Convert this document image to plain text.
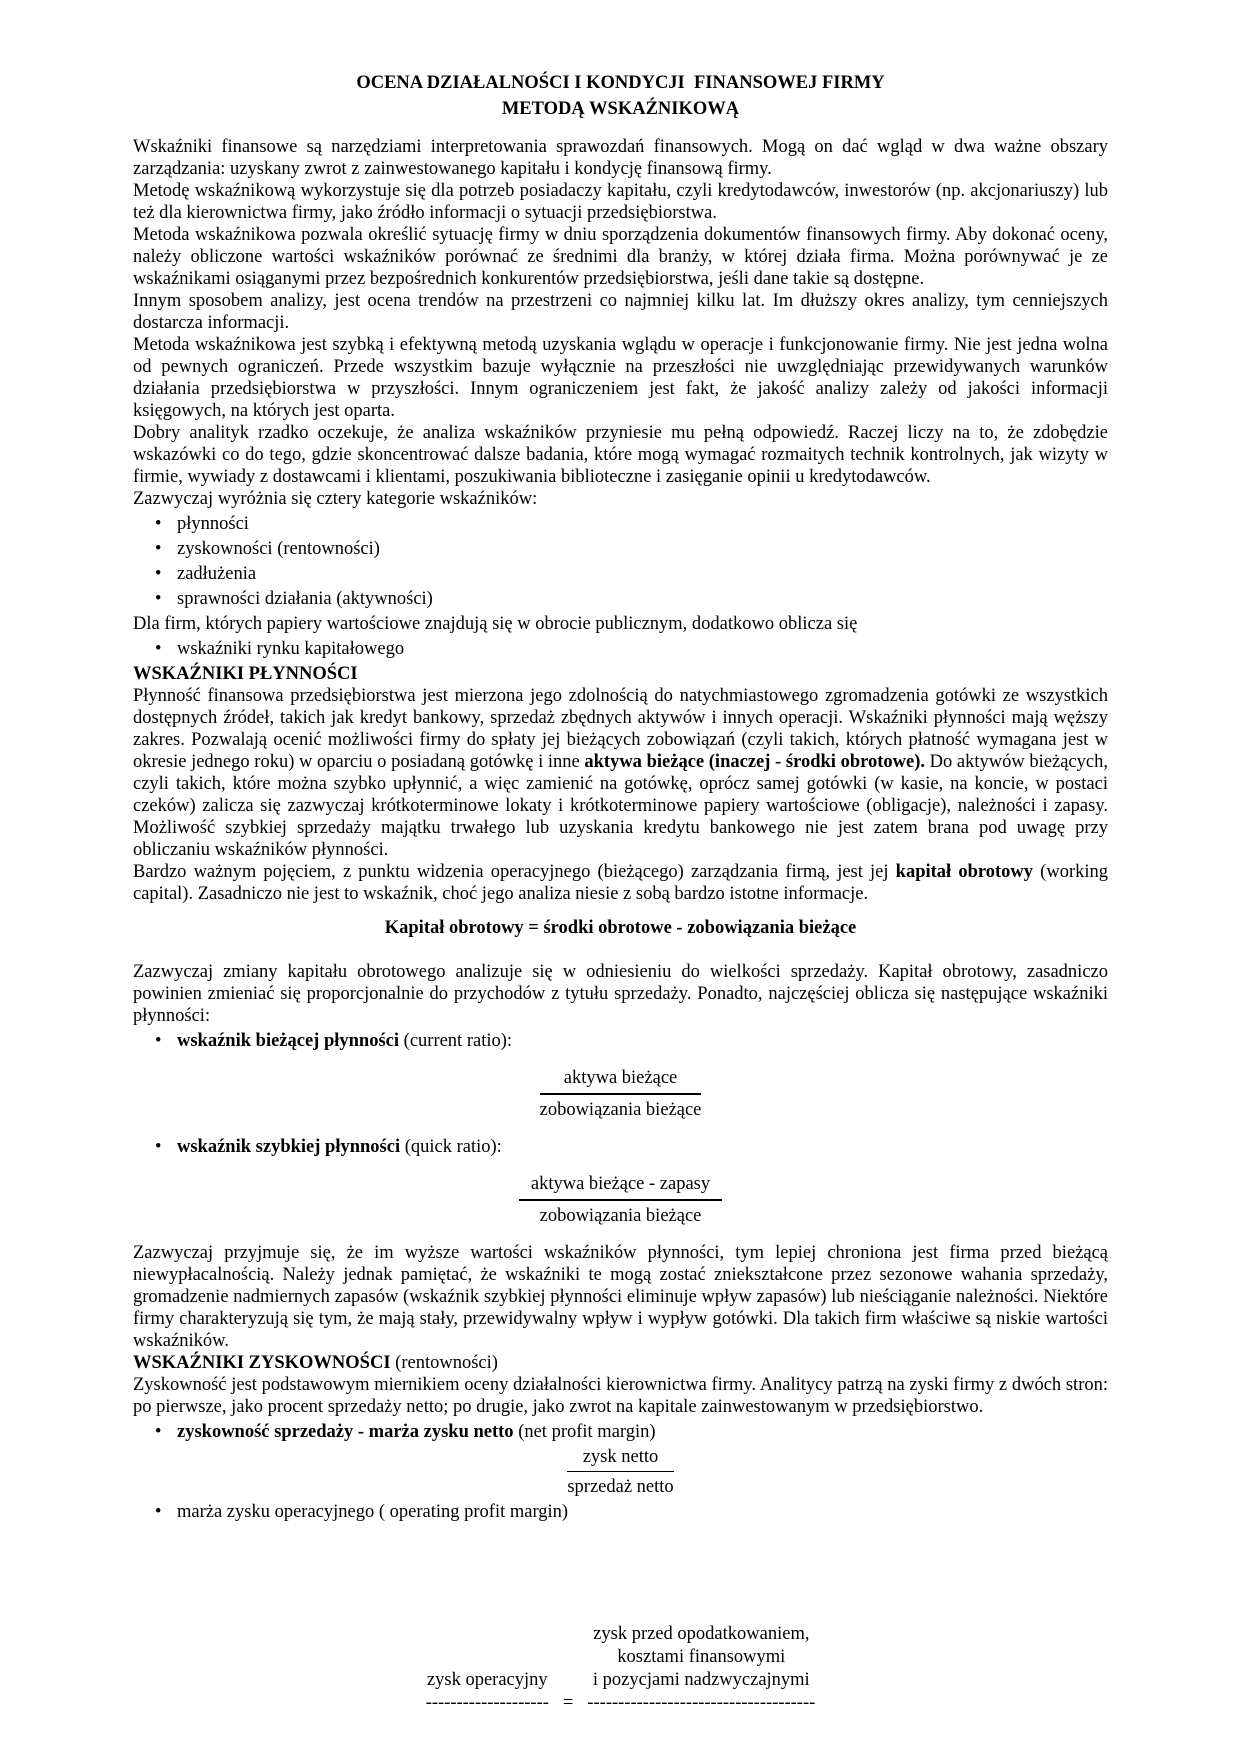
OCENA DZIAŁALNOŚCI I KONDYCJI  FINANSOWEJ FIRMY
METODĄ WSKAŹNIKOWĄ
Wskaźniki finansowe są narzędziami interpretowania sprawozdań finansowych. Mogą on dać wgląd w dwa ważne obszary zarządzania: uzyskany zwrot z zainwestowanego kapitału i kondycję finansową firmy.
Metodę wskaźnikową wykorzystuje się dla potrzeb posiadaczy kapitału, czyli kredytodawców, inwestorów (np. akcjonariuszy) lub też dla kierownictwa firmy, jako źródło informacji o sytuacji przedsiębiorstwa.
Metoda wskaźnikowa pozwala określić sytuację firmy w dniu sporządzenia dokumentów finansowych firmy. Aby dokonać oceny, należy obliczone wartości wskaźników porównać ze średnimi dla branży, w której działa firma. Można porównywać je ze wskaźnikami osiąganymi przez bezpośrednich konkurentów przedsiębiorstwa, jeśli dane takie są dostępne.
Innym sposobem analizy, jest ocena trendów na przestrzeni co najmniej kilku lat. Im dłuższy okres analizy, tym cenniejszych dostarcza informacji.
Metoda wskaźnikowa jest szybką i efektywną metodą uzyskania wglądu w operacje i funkcjonowanie firmy. Nie jest jedna wolna od pewnych ograniczeń. Przede wszystkim bazuje wyłącznie na przeszłości nie uwzględniając przewidywanych warunków działania przedsiębiorstwa w przyszłości. Innym ograniczeniem jest fakt, że jakość analizy zależy od jakości informacji księgowych, na których jest oparta.
Dobry analityk rzadko oczekuje, że analiza wskaźników przyniesie mu pełną odpowiedź. Raczej liczy na to, że zdobędzie wskazówki co do tego, gdzie skoncentrować dalsze badania, które mogą wymagać rozmaitych technik kontrolnych, jak wizyty w firmie, wywiady z dostawcami i klientami, poszukiwania biblioteczne i zasięganie opinii u kredytodawców.
Zazwyczaj wyróżnia się cztery kategorie wskaźników:
• płynności
• zyskowności (rentowności)
• zadłużenia
• sprawności działania (aktywności)
Dla firm, których papiery wartościowe znajdują się w obrocie publicznym, dodatkowo oblicza się
• wskaźniki rynku kapitałowego
WSKAŹNIKI PŁYNNOŚCI
Płynność finansowa przedsiębiorstwa jest mierzona jego zdolnością do natychmiastowego zgromadzenia gotówki ze wszystkich dostępnych źródeł, takich jak kredyt bankowy, sprzedaż zbędnych aktywów i innych operacji. Wskaźniki płynności mają węższy zakres. Pozwalają ocenić możliwości firmy do spłaty jej bieżących zobowiązań (czyli takich, których płatność wymagana jest w okresie jednego roku) w oparciu o posiadaną gotówkę i inne aktywa bieżące (inaczej - środki obrotowe). Do aktywów bieżących, czyli takich, które można szybko upłynnić, a więc zamienić na gotówkę, oprócz samej gotówki (w kasie, na koncie, w postaci czeków) zalicza się zazwyczaj krótkoterminowe lokaty i krótkoterminowe papiery wartościowe (obligacje), należności i zapasy. Możliwość szybkiej sprzedaży majątku trwałego lub uzyskania kredytu bankowego nie jest zatem brana pod uwagę przy obliczaniu wskaźników płynności.
Bardzo ważnym pojęciem, z punktu widzenia operacyjnego (bieżącego) zarządzania firmą, jest jej kapitał obrotowy (working capital). Zasadniczo nie jest to wskaźnik, choć jego analiza niesie z sobą bardzo istotne informacje.
Kapitał obrotowy = środki obrotowe - zobowiązania bieżące
Zazwyczaj zmiany kapitału obrotowego analizuje się w odniesieniu do wielkości sprzedaży. Kapitał obrotowy, zasadniczo powinien zmieniać się proporcjonalnie do przychodów z tytułu sprzedaży. Ponadto, najczęściej oblicza się następujące wskaźniki płynności:
• wskaźnik bieżącej płynności (current ratio):
$\frac{\text{aktywa bieżące}}{\text{zobowiązania bieżące}}$
• wskaźnik szybkiej płynności (quick ratio):
$\frac{\text{aktywa bieżące - zapasy}}{\text{zobowiązania bieżące}}$
Zazwyczaj przyjmuje się, że im wyższe wartości wskaźników płynności, tym lepiej chroniona jest firma przed bieżącą niewypłacalnością. Należy jednak pamiętać, że wskaźniki te mogą zostać zniekształcone przez sezonowe wahania sprzedaży, gromadzenie nadmiernych zapasów (wskaźnik szybkiej płynności eliminuje wpływ zapasów) lub nieściąganie należności. Niektóre firmy charakteryzują się tym, że mają stały, przewidywalny wpływ i wypływ gotówki. Dla takich firm właściwe są niskie wartości wskaźników.
WSKAŹNIKI ZYSKOWNOŚCI (rentowności)
Zyskowność jest podstawowym miernikiem oceny działalności kierownictwa firmy. Analitycy patrzą na zyski firmy z dwóch stron: po pierwsze, jako procent sprzedaży netto; po drugie, jako zwrot na kapitale zainwestowanym w przedsiębiorstwo.
• zyskowność sprzedaży - marża zysku netto (net profit margin)
$\frac{\text{zysk netto}}{\text{sprzedaż netto}}$
• marża zysku operacyjnego ( operating profit margin)
zysk operacyjny
-------------------- =
zysk przed opodatkowaniem,
kosztami finansowymi
i pozycjami nadzwyczajnymi
-------------------------------------
